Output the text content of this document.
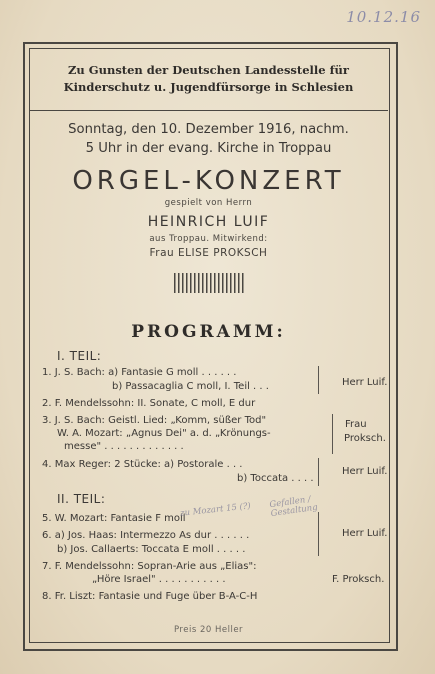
10.12.16
Zu Gunsten der Deutschen Landesstelle für
Kinderschutz u. Jugendfürsorge in Schlesien
Sonntag, den 10. Dezember 1916, nachm.
5 Uhr in der evang. Kirche in Troppau
ORGEL-KONZERT
gespielt von Herrn
HEINRICH LUIF
aus Troppau. Mitwirkend:
Frau ELISE PROKSCH
PROGRAMM:
I. TEIL:
1. J. S. Bach: a) Fantasie G moll . . . . . .
b) Passacaglia C moll, I. Teil . . .
2. F. Mendelssohn: II. Sonate, C moll, E dur
3. J. S. Bach: Geistl. Lied: „Komm, süßer Tod"
W. A. Mozart: „Agnus Dei" a. d. „Krönungs-
messe" . . . . . . . . . . . . .
4. Max Reger: 2 Stücke: a) Postorale . . .
b) Toccata . . . .
II. TEIL:
5. W. Mozart: Fantasie F moll
6. a) Jos. Haas: Intermezzo As dur . . . . . .
b) Jos. Callaerts: Toccata E moll . . . . .
7. F. Mendelssohn: Sopran-Arie aus „Elias":
„Höre Israel" . . . . . . . . . . .
8. Fr. Liszt: Fantasie und Fuge über B-A-C-H
Herr Luif.
Frau
Proksch.
Herr Luif.
Herr Luif.
F. Proksch.
zu Mozart 15 (?) Gefallen / Gestaltung
Preis 20 Heller
